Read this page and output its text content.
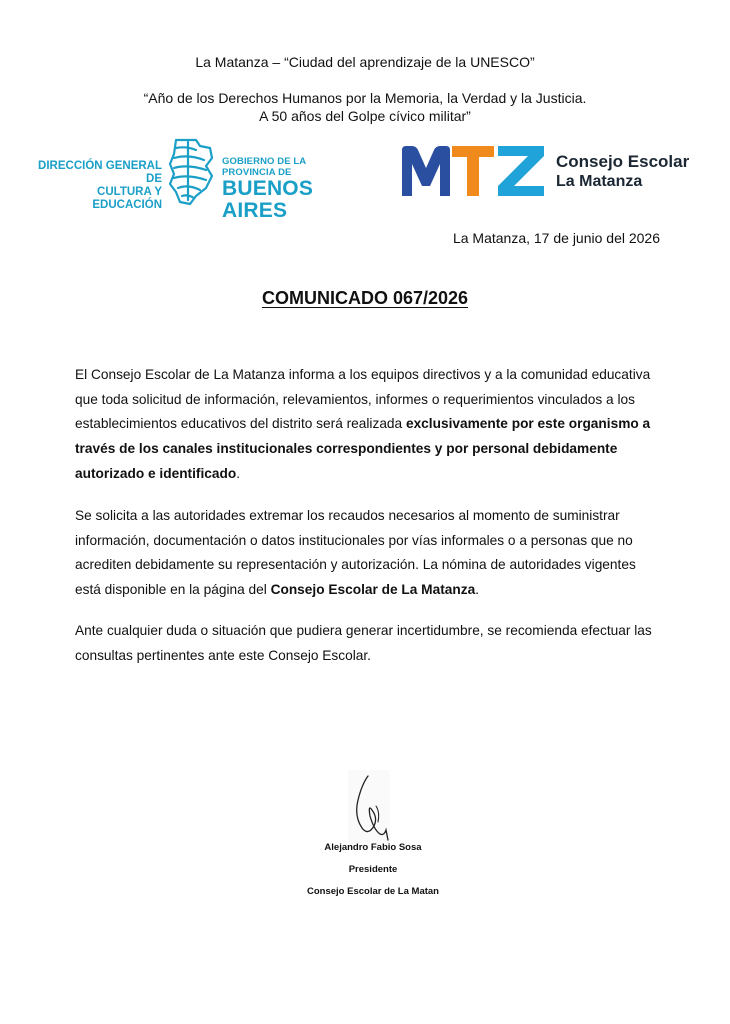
La Matanza – “Ciudad del aprendizaje de la UNESCO”
“Año de los Derechos Humanos por la Memoria, la Verdad y la Justicia.
A 50 años del Golpe cívico militar”
DIRECCIÓN GENERAL DE
CULTURA Y EDUCACIÓN
GOBIERNO DE LA PROVINCIA DE
BUENOS AIRES
Consejo Escolar
La Matanza
La Matanza, 17 de junio del 2026
COMUNICADO 067/2026
El Consejo Escolar de La Matanza informa a los equipos directivos y a la comunidad educativa que toda solicitud de información, relevamientos, informes o requerimientos vinculados a los establecimientos educativos del distrito será realizada exclusivamente por este organismo a través de los canales institucionales correspondientes y por personal debidamente autorizado e identificado.
Se solicita a las autoridades extremar los recaudos necesarios al momento de suministrar información, documentación o datos institucionales por vías informales o a personas que no acrediten debidamente su representación y autorización. La nómina de autoridades vigentes está disponible en la página del Consejo Escolar de La Matanza.
Ante cualquier duda o situación que pudiera generar incertidumbre, se recomienda efectuar las consultas pertinentes ante este Consejo Escolar.
Alejandro Fabio Sosa
Presidente
Consejo Escolar de La Matan
